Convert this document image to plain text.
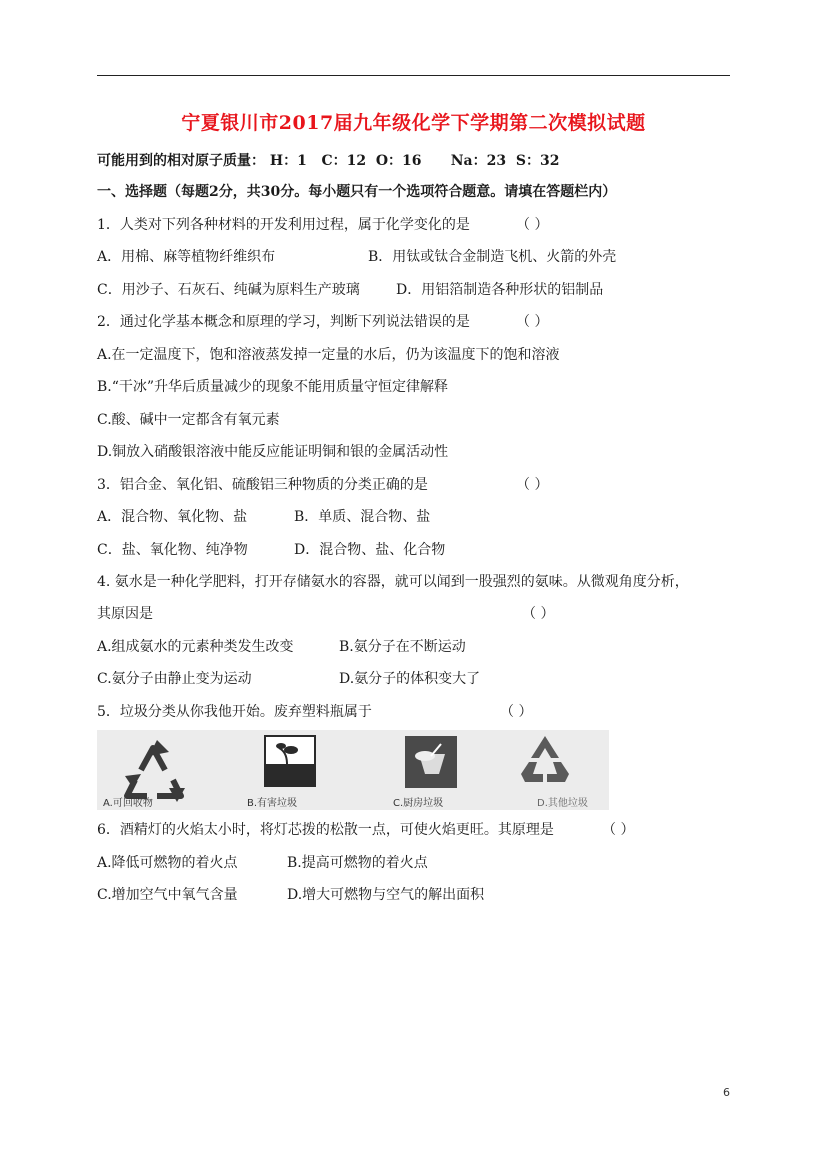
宁夏银川市2017届九年级化学下学期第二次模拟试题
可能用到的相对原子质量： H：1   C：12  O：16      Na：23  S：32
一、选择题（每题2分，共30分。每小题只有一个选项符合题意。请填在答题栏内）
1．人类对下列各种材料的开发利用过程，属于化学变化的是	（ ）
A．用棉、麻等植物纤维织布	B．用钛或钛合金制造飞机、火箭的外壳
C．用沙子、石灰石、纯碱为原料生产玻璃	D．用铝箔制造各种形状的铝制品
2．通过化学基本概念和原理的学习，判断下列说法错误的是	（ ）
A.在一定温度下，饱和溶液蒸发掉一定量的水后，仍为该温度下的饱和溶液
B.“干冰”升华后质量减少的现象不能用质量守恒定律解释
C.酸、碱中一定都含有氧元素
D.铜放入硝酸银溶液中能反应能证明铜和银的金属活动性
3．铝合金、氧化铝、硫酸铝三种物质的分类正确的是	（ ）
A．混合物、氧化物、盐	B．单质、混合物、盐
C．盐、氧化物、纯净物	D．混合物、盐、化合物
4. 氨水是一种化学肥料，打开存储氨水的容器，就可以闻到一股强烈的氨味。从微观角度分析，
其原因是	（ ）
A.组成氨水的元素种类发生改变	B.氨分子在不断运动
C.氨分子由静止变为运动	D.氨分子的体积变大了
5．垃圾分类从你我他开始。废弃塑料瓶属于	（ ）
A.可回收物	B.有害垃圾	C.厨房垃圾	D.其他垃圾
6．酒精灯的火焰太小时，将灯芯拨的松散一点，可使火焰更旺。其原理是	（ ）
A.降低可燃物的着火点	B.提高可燃物的着火点
C.增加空气中氧气含量	D.增大可燃物与空气的解出面积
6
